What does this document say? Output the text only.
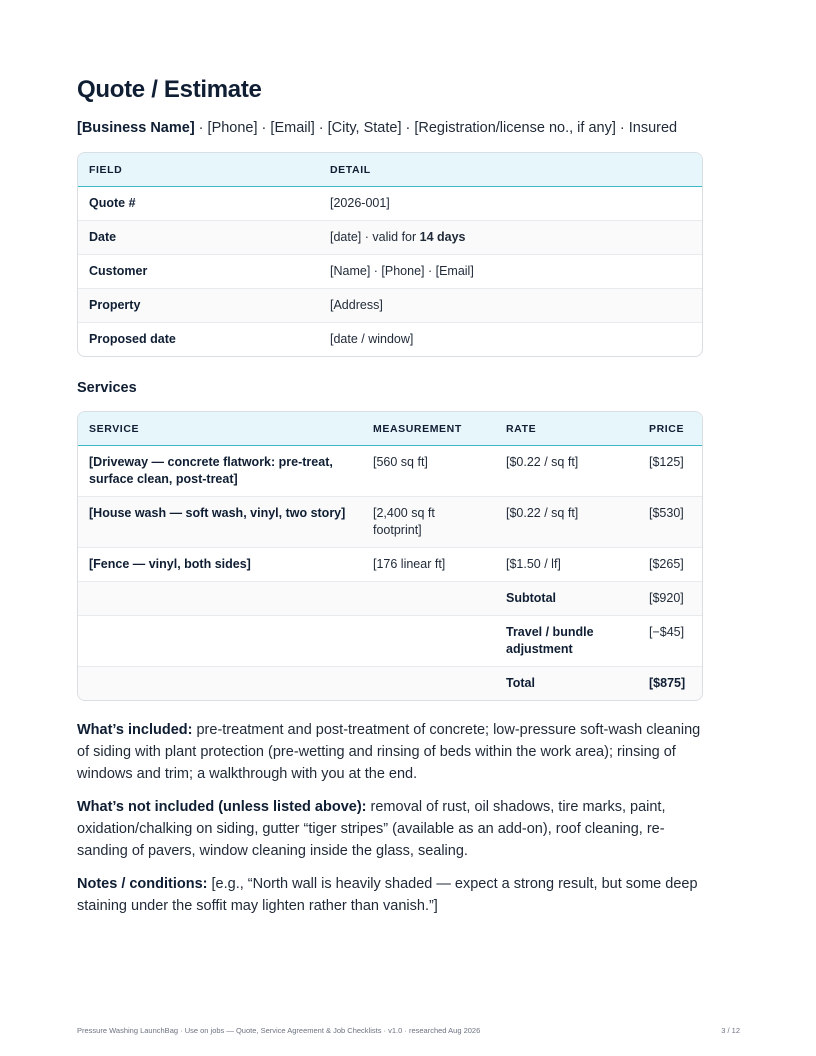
Quote / Estimate
[Business Name] · [Phone] · [Email] · [City, State] · [Registration/license no., if any] · Insured
FIELD	DETAIL
Quote #	[2026-001]
Date	[date] · valid for 14 days
Customer	[Name] · [Phone] · [Email]
Property	[Address]
Proposed date	[date / window]
Services
SERVICE	MEASUREMENT	RATE	PRICE
[Driveway — concrete flatwork: pre-treat, surface clean, post-treat]	[560 sq ft]	[$0.22 / sq ft]	[$125]
[House wash — soft wash, vinyl, two story]	[2,400 sq ft footprint]	[$0.22 / sq ft]	[$530]
[Fence — vinyl, both sides]	[176 linear ft]	[$1.50 / lf]	[$265]
		Subtotal	[$920]
		Travel / bundle adjustment	[−$45]
		Total	[$875]

What’s included: pre-treatment and post-treatment of concrete; low-pressure soft-wash cleaning of siding with plant protection (pre-wetting and rinsing of beds within the work area); rinsing of windows and trim; a walkthrough with you at the end.

What’s not included (unless listed above): removal of rust, oil shadows, tire marks, paint, oxidation/chalking on siding, gutter “tiger stripes” (available as an add-on), roof cleaning, re-sanding of pavers, window cleaning inside the glass, sealing.

Notes / conditions: [e.g., “North wall is heavily shaded — expect a strong result, but some deep staining under the soffit may lighten rather than vanish.”]

Pressure Washing LaunchBag · Use on jobs — Quote, Service Agreement & Job Checklists · v1.0 · researched Aug 2026	3 / 12
